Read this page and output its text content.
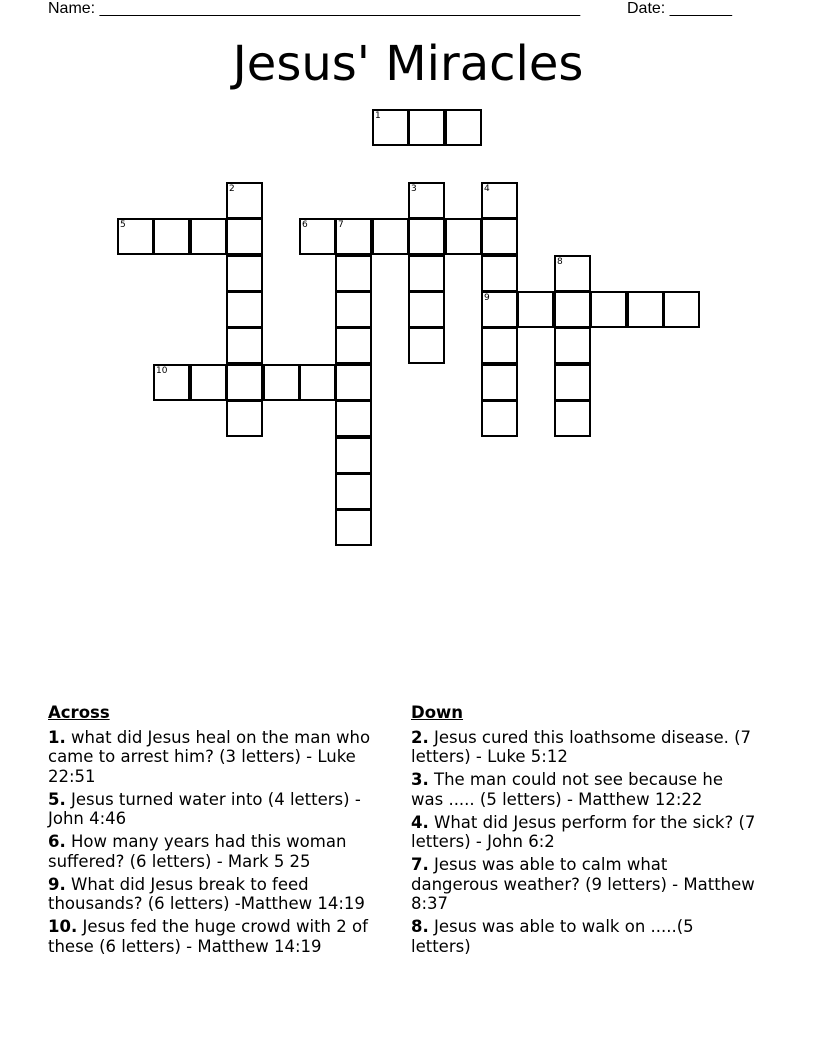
Name: ______________________________________________________	Date: _______
Jesus' Miracles
1
2	3	4
5	6	7
8
9
10
Across
1. what did Jesus heal on the man who came to arrest him? (3 letters) - Luke 22:51
5. Jesus turned water into (4 letters) - John 4:46
6. How many years had this woman suffered? (6 letters) - Mark 5 25
9. What did Jesus break to feed thousands? (6 letters) -Matthew 14:19
10. Jesus fed the huge crowd with 2 of these (6 letters) - Matthew 14:19
Down
2. Jesus cured this loathsome disease. (7 letters) - Luke 5:12
3. The man could not see because he was ..... (5 letters) - Matthew 12:22
4. What did Jesus perform for the sick? (7 letters) - John 6:2
7. Jesus was able to calm what dangerous weather? (9 letters) - Matthew 8:37
8. Jesus was able to walk on .....(5 letters)
